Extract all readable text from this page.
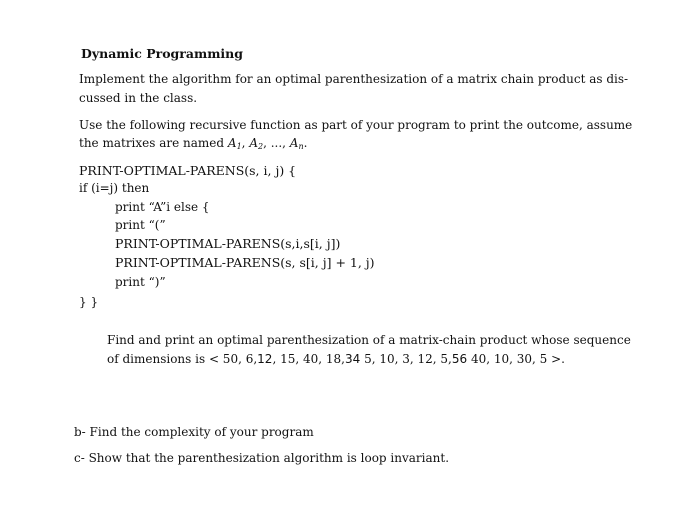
Dynamic Programming
Implement the algorithm for an optimal parenthesization of a matrix chain product as dis-
cussed in the class.
Use the following recursive function as part of your program to print the outcome, assume
the matrixes are named $A_1$, $A_2$, ..., $A_n$.
PRINT-OPTIMAL-PARENS(s, i, j) {
if (i=j) then
print “A”i else {
print “(”
PRINT-OPTIMAL-PARENS(s,i,s[i, j])
PRINT-OPTIMAL-PARENS(s, s[i, j] + 1, j)
print “)”
} }
Find and print an optimal parenthesization of a matrix-chain product whose sequence
of dimensions is < 50, 6,12, 15, 40, 18,34 5, 10, 3, 12, 5,56 40, 10, 30, 5 >.
b- Find the complexity of your program
c- Show that the parenthesization algorithm is loop invariant.
